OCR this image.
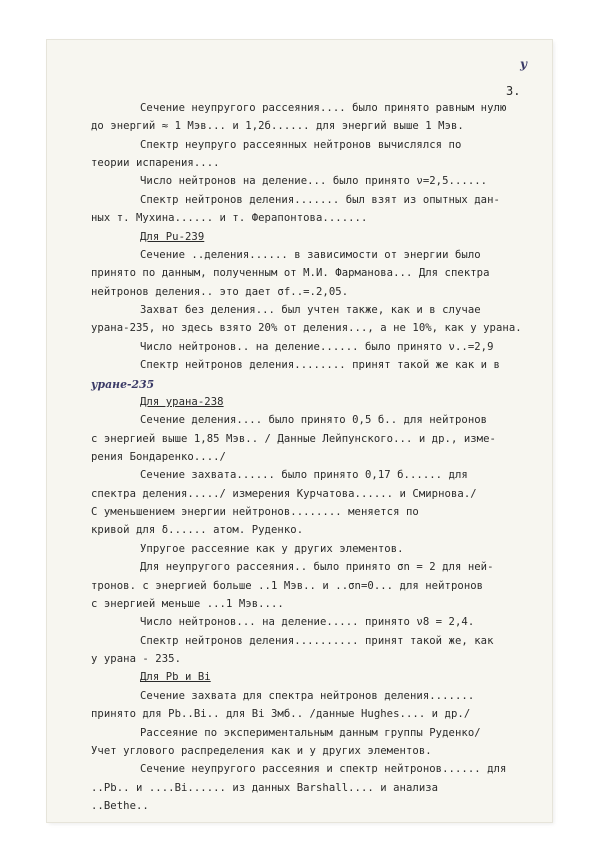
у
3.
Сечение неупругого рассеяния.... было принято равным нулю
до энергий ≈ 1 Мэв... и 1,2б...... для энергий выше 1 Мэв.
Спектр неупруго рассеянных нейтронов вычислялся по
теории испарения....
Число нейтронов на деление... было принято ν=2,5......
Спектр нейтронов деления....... был взят из опытных дан-
ных т. Мухина...... и т. Ферапонтова.......
Для Pu-239
Сечение ..деления...... в зависимости от энергии было
принято по данным, полученным от М.И. Фарманова... Для спектра
нейтронов деления.. это дает σf..=.2,05.
Захват без деления... был учтен также, как и в случае
урана-235, но здесь взято 20% от деления..., а не 10%, как у урана.
Число нейтронов.. на деление...... было принято ν..=2,9
Спектр нейтронов деления........ принят такой же как и в
уране-235
Для урана-238
Сечение деления.... было принято 0,5 б.. для нейтронов
с энергией выше 1,85 Мэв.. / Данные Лейпунского... и др., изме-
рения Бондаренко..../
Сечение захвата...... было принято 0,17 б...... для
спектра деления...../ измерения Курчатова...... и Смирнова./
С уменьшением энергии нейтронов........ меняется по
кривой для δ...... атом. Руденко.
Упругое рассеяние как у других элементов.
Для неупругого рассеяния.. было принято σn = 2 для ней-
тронов. с энергией больше ..1 Мэв.. и ..σn=0... для нейтронов
с энергией меньше ...1 Мэв....
Число нейтронов... на деление..... принято ν8 = 2,4.
Спектр нейтронов деления.......... принят такой же, как
у урана - 235.
Для Pb и Bi
Сечение захвата для спектра нейтронов деления.......
принято для Pb..Bi.. для Bi 3мб.. /данные Hughes.... и др./
Рассеяние по экспериментальным данным группы Руденко/
Учет углового распределения как и у других элементов.
Сечение неупругого рассеяния и спектр нейтронов...... для
..Pb.. и ....Bi...... из данных Barshall.... и анализа
..Bethe..
